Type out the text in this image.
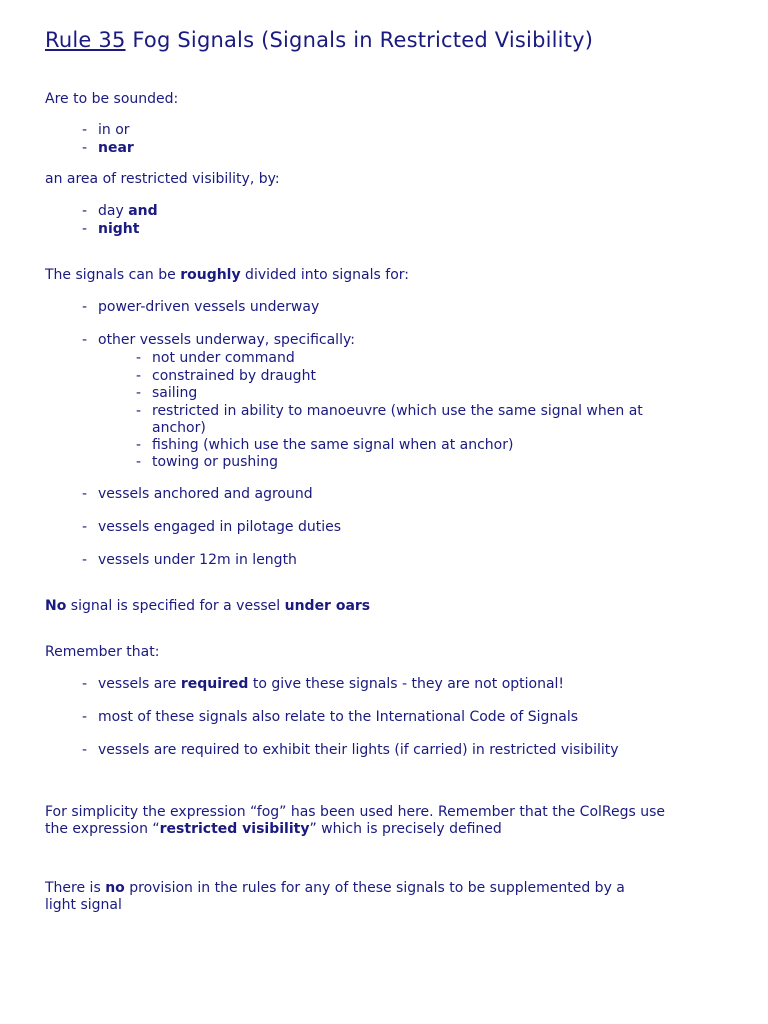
Rule 35 Fog Signals (Signals in Restricted Visibility)
Are to be sounded:
- in or
- near
an area of restricted visibility, by:
- day and
- night
The signals can be roughly divided into signals for:
- power-driven vessels underway
- other vessels underway, specifically:
- not under command
- constrained by draught
- sailing
- restricted in ability to manoeuvre (which use the same signal when at anchor)
- fishing (which use the same signal when at anchor)
- towing or pushing
- vessels anchored and aground
- vessels engaged in pilotage duties
- vessels under 12m in length
No signal is specified for a vessel under oars
Remember that:
- vessels are required to give these signals - they are not optional!
- most of these signals also relate to the International Code of Signals
- vessels are required to exhibit their lights (if carried) in restricted visibility
For simplicity the expression “fog” has been used here. Remember that the ColRegs use the expression “restricted visibility” which is precisely defined
There is no provision in the rules for any of these signals to be supplemented by a light signal
